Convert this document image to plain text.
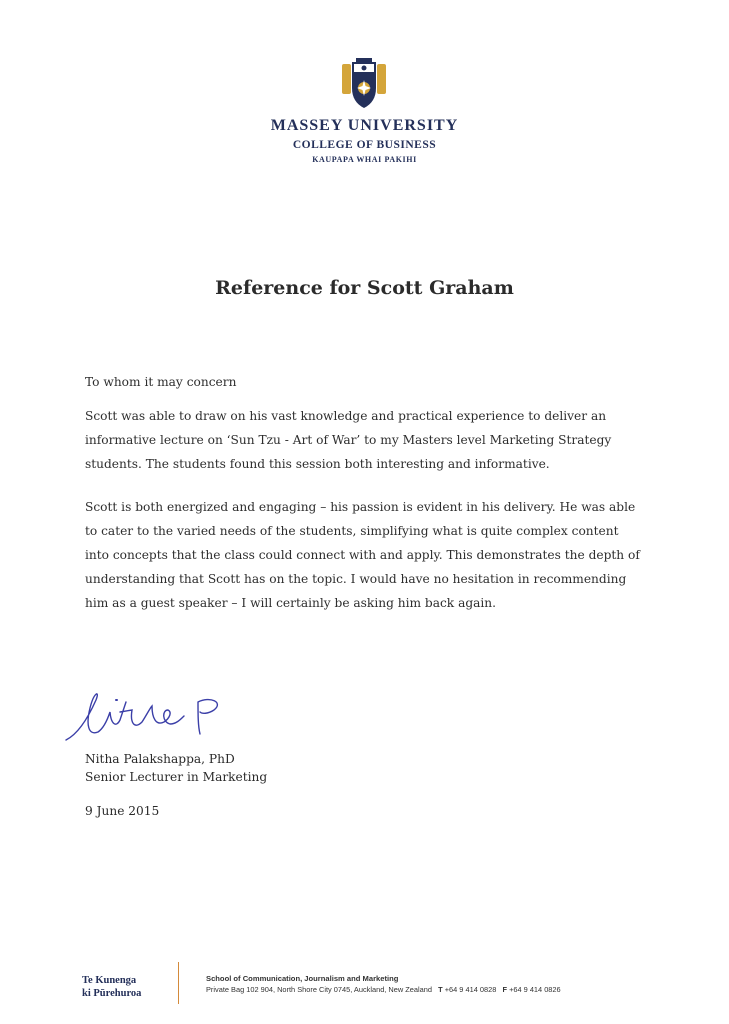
MASSEY UNIVERSITY
COLLEGE OF BUSINESS
KAUPAPA WHAI PAKIHI
Reference for Scott Graham

To whom it may concern

Scott was able to draw on his vast knowledge and practical experience to deliver an informative lecture on ‘Sun Tzu - Art of War’ to my Masters level Marketing Strategy students. The students found this session both interesting and informative.

Scott is both energized and engaging – his passion is evident in his delivery. He was able to cater to the varied needs of the students, simplifying what is quite complex content into concepts that the class could connect with and apply. This demonstrates the depth of understanding that Scott has on the topic. I would have no hesitation in recommending him as a guest speaker – I will certainly be asking him back again.

Nitha Palakshappa, PhD
Senior Lecturer in Marketing
9 June 2015
Te Kunenga
ki Pūrehuroa
School of Communication, Journalism and Marketing
Private Bag 102 904, North Shore City 0745, Auckland, New Zealand T +64 9 414 0828 F +64 9 414 0826
